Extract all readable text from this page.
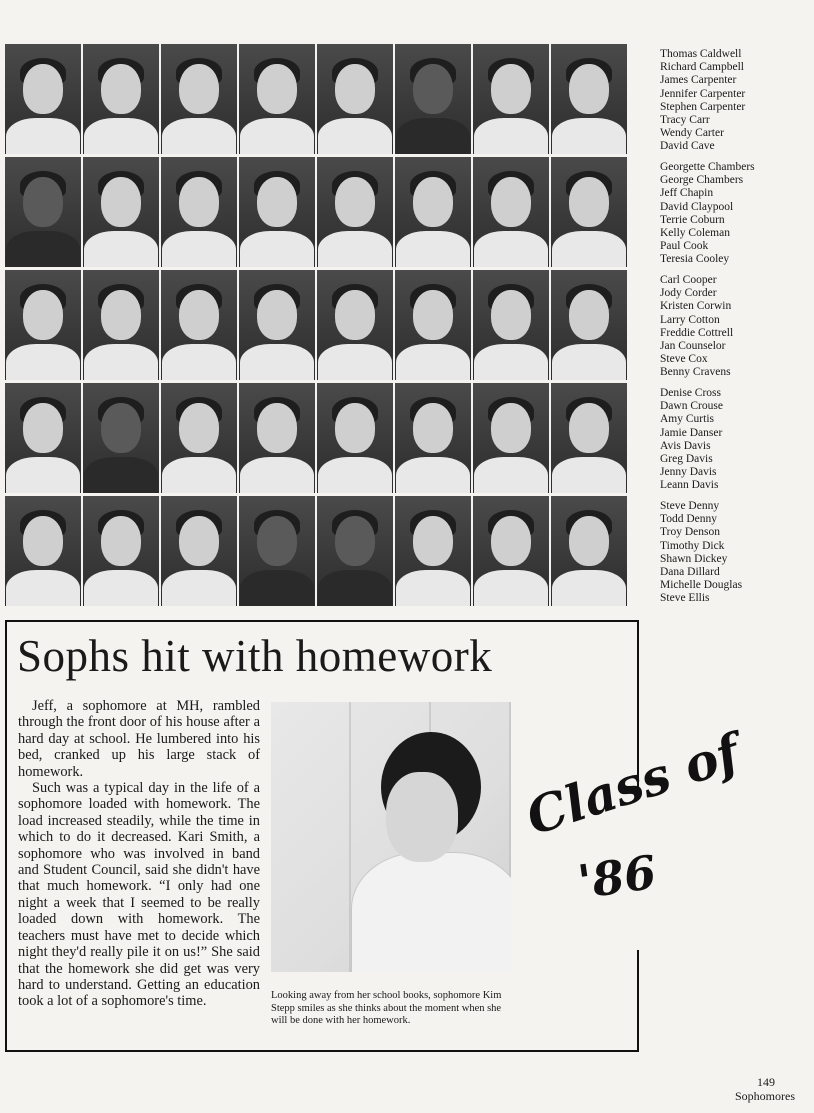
Thomas Caldwell
Richard Campbell
James Carpenter
Jennifer Carpenter
Stephen Carpenter
Tracy Carr
Wendy Carter
David Cave
Georgette Chambers
George Chambers
Jeff Chapin
David Claypool
Terrie Coburn
Kelly Coleman
Paul Cook
Teresia Cooley
Carl Cooper
Jody Corder
Kristen Corwin
Larry Cotton
Freddie Cottrell
Jan Counselor
Steve Cox
Benny Cravens
Denise Cross
Dawn Crouse
Amy Curtis
Jamie Danser
Avis Davis
Greg Davis
Jenny Davis
Leann Davis
Steve Denny
Todd Denny
Troy Denson
Timothy Dick
Shawn Dickey
Dana Dillard
Michelle Douglas
Steve Ellis
Sophs hit with homework

Jeff, a sophomore at MH, rambled through the front door of his house after a hard day at school. He lumbered into his bed, cranked up his large stack of homework.

Such was a typical day in the life of a sophomore loaded with homework. The load increased steadily, while the time in which to do it decreased. Kari Smith, a sophomore who was involved in band and Student Council, said she didn't have that much homework. “I only had one night a week that I seemed to be really loaded down with homework. The teachers must have met to decide which night they'd really pile it on us!” She said that the homework she did get was very hard to understand. Getting an education took a lot of a sophomore's time.	Looking away from her school books, sophomore Kim Stepp smiles as she thinks about the moment when she will be done with her homework.
Class of
'86
149
Sophomores
